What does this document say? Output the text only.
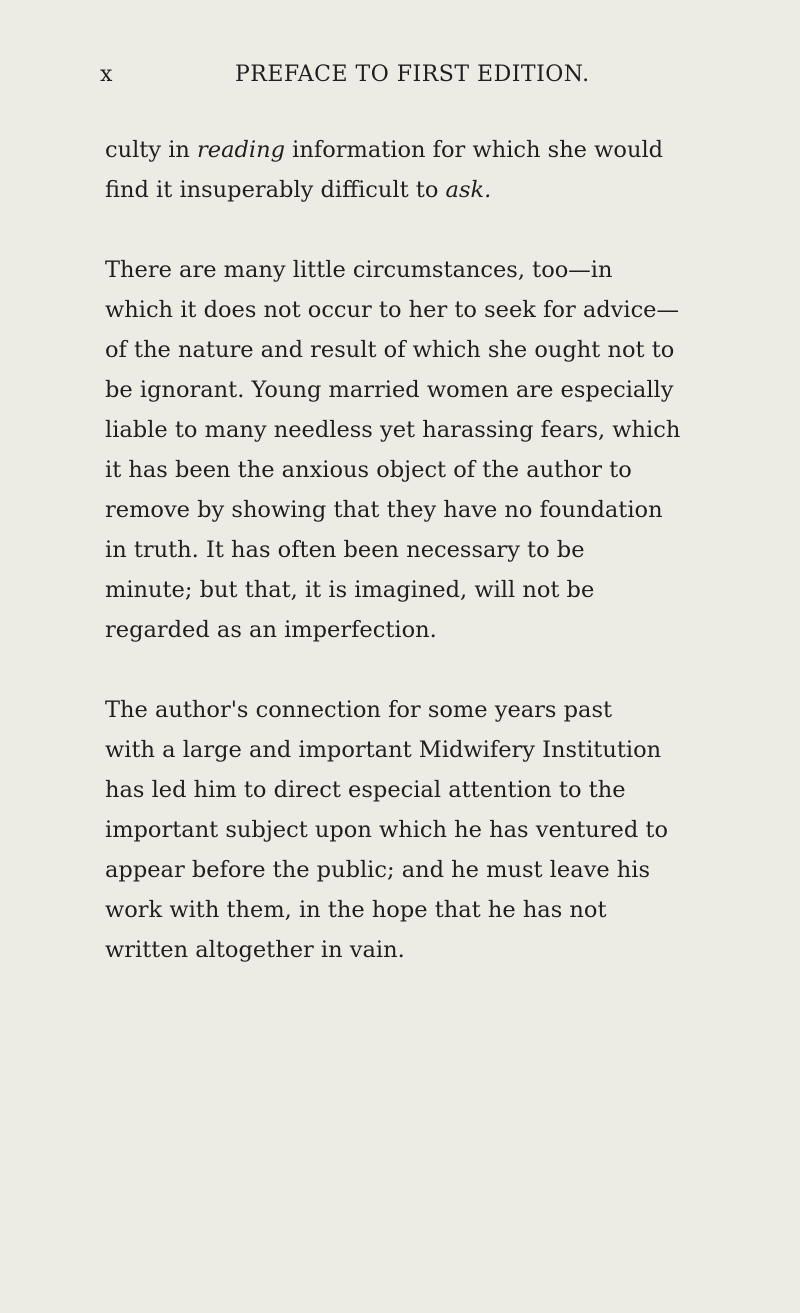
x	PREFACE TO FIRST EDITION.

culty in reading information for which she would
find it insuperably difficult to ask.

There are many little circumstances, too—in
which it does not occur to her to seek for advice—
of the nature and result of which she ought not to
be ignorant. Young married women are especially
liable to many needless yet harassing fears, which
it has been the anxious object of the author to
remove by showing that they have no foundation
in truth. It has often been necessary to be
minute; but that, it is imagined, will not be
regarded as an imperfection.

The author's connection for some years past
with a large and important Midwifery Institution
has led him to direct especial attention to the
important subject upon which he has ventured to
appear before the public; and he must leave his
work with them, in the hope that he has not
written altogether in vain.
